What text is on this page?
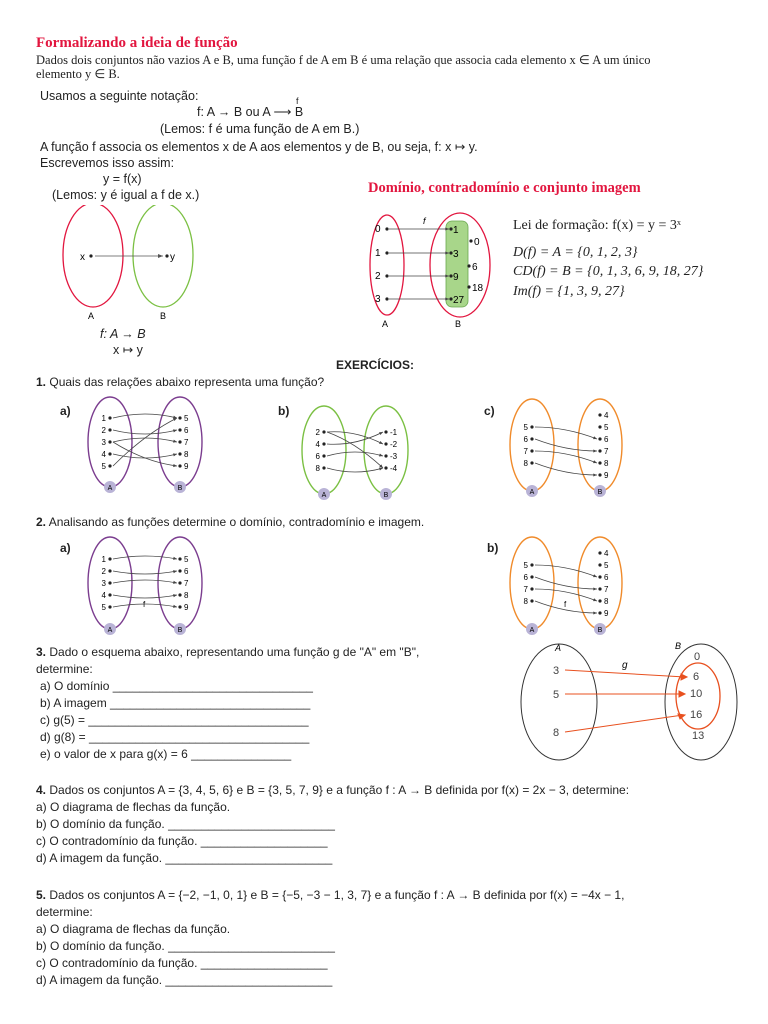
Formalizando a ideia de função
Dados dois conjuntos não vazios A e B, uma função f de A em B é uma relação que associa cada elemento x ∈ A um único
elemento y ∈ B.
Usamos a seguinte notação:
f: A → B ou A ⟶ B
f
(Lemos: f é uma função de A em B.)
A função f associa os elementos x de A aos elementos y de B, ou seja, f: x ↦ y.
Escrevemos isso assim:
y = f(x)
(Lemos: y é igual a f de x.)
x	y
A	B
f: A → B
x ↦ y
Domínio, contradomínio e conjunto imagem
f
A	B
0
1
2
3
1
3
9
27
0
6
18
Lei de formação: f(x) = y = 3ˣ
D(f) = A = {0, 1, 2, 3}
CD(f) = B = {0, 1, 3, 6, 9, 18, 27}
Im(f) = {1, 3, 9, 27}
EXERCÍCIOS:
1. Quais das relações abaixo representa uma função?
a)
1
2
3
4
5
5
6
7
8
9
A	B
b)
2
4
6
8
-1
-2
-3
-4
A	B
c)
5
6
7
8
4
5
6
7
8
9
A	B
2. Analisando as funções determine o domínio, contradomínio e imagem.
a)
1
2
3
4
5
5
6
7
8
9
A	B
f
b)
5
6
7
8
4
5
6
7
8
9
A	B
f
3. Dado o esquema abaixo, representando uma função g de "A" em "B",
determine:
a) O domínio ______________________________
b) A imagem ______________________________
c) g(5) = _________________________________
d) g(8) = _________________________________
e) o valor de x para g(x) = 6 _______________
A	B
g
3
5
8
0
6
10
16
13
4. Dados os conjuntos A = {3, 4, 5, 6} e B = {3, 5, 7, 9} e a função f : A → B definida por f(x) = 2x − 3, determine:
a) O diagrama de flechas da função.
b) O domínio da função. _________________________
c) O contradomínio da função. ___________________
d) A imagem da função. _________________________
5. Dados os conjuntos A = {−2, −1, 0, 1} e B = {−5, −3 − 1, 3, 7} e a função f : A → B definida por f(x) = −4x − 1,
determine:
a) O diagrama de flechas da função.
b) O domínio da função. _________________________
c) O contradomínio da função. ___________________
d) A imagem da função. _________________________
